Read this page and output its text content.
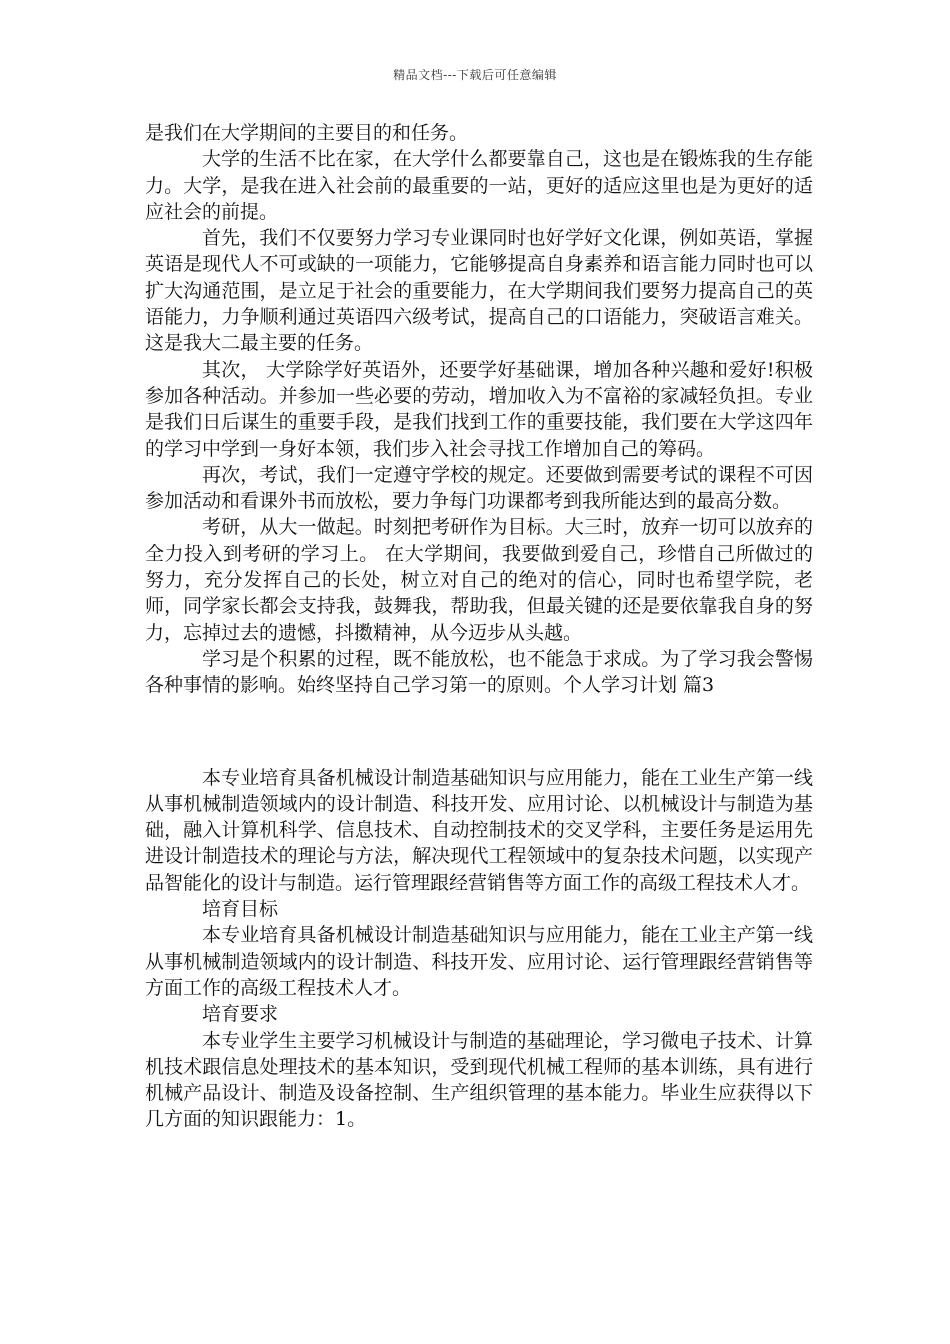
精品文档---下载后可任意编辑

是我们在大学期间的主要目的和任务。

大学的生活不比在家，在大学什么都要靠自己，这也是在锻炼我的生存能力。大学，是我在进入社会前的最重要的一站，更好的适应这里也是为更好的适应社会的前提。

首先，我们不仅要努力学习专业课同时也好学好文化课，例如英语，掌握英语是现代人不可或缺的一项能力，它能够提高自身素养和语言能力同时也可以扩大沟通范围，是立足于社会的重要能力，在大学期间我们要努力提高自己的英语能力，力争顺利通过英语四六级考试，提高自己的口语能力，突破语言难关。这是我大二最主要的任务。

其次， 大学除学好英语外，还要学好基础课，增加各种兴趣和爱好!积极参加各种活动。并参加一些必要的劳动，增加收入为不富裕的家减轻负担。专业是我们日后谋生的重要手段，是我们找到工作的重要技能，我们要在大学这四年的学习中学到一身好本领，我们步入社会寻找工作增加自己的筹码。

再次，考试，我们一定遵守学校的规定。还要做到需要考试的课程不可因参加活动和看课外书而放松，要力争每门功课都考到我所能达到的最高分数。

考研，从大一做起。时刻把考研作为目标。大三时，放弃一切可以放弃的全力投入到考研的学习上。 在大学期间，我要做到爱自己，珍惜自己所做过的努力，充分发挥自己的长处，树立对自己的绝对的信心，同时也希望学院，老师，同学家长都会支持我，鼓舞我，帮助我，但最关键的还是要依靠我自身的努力，忘掉过去的遗憾，抖擞精神，从今迈步从头越。

学习是个积累的过程，既不能放松，也不能急于求成。为了学习我会警惕各种事情的影响。始终坚持自己学习第一的原则。个人学习计划 篇3

本专业培育具备机械设计制造基础知识与应用能力，能在工业生产第一线从事机械制造领域内的设计制造、科技开发、应用讨论、以机械设计与制造为基础，融入计算机科学、信息技术、自动控制技术的交叉学科，主要任务是运用先进设计制造技术的理论与方法，解决现代工程领域中的复杂技术问题，以实现产品智能化的设计与制造。运行管理跟经营销售等方面工作的高级工程技术人才。

培育目标

本专业培育具备机械设计制造基础知识与应用能力，能在工业主产第一线从事机械制造领域内的设计制造、科技开发、应用讨论、运行管理跟经营销售等方面工作的高级工程技术人才。

培育要求

本专业学生主要学习机械设计与制造的基础理论，学习微电子技术、计算机技术跟信息处理技术的基本知识，受到现代机械工程师的基本训练，具有进行机械产品设计、制造及设备控制、生产组织管理的基本能力。毕业生应获得以下几方面的知识跟能力：1。
